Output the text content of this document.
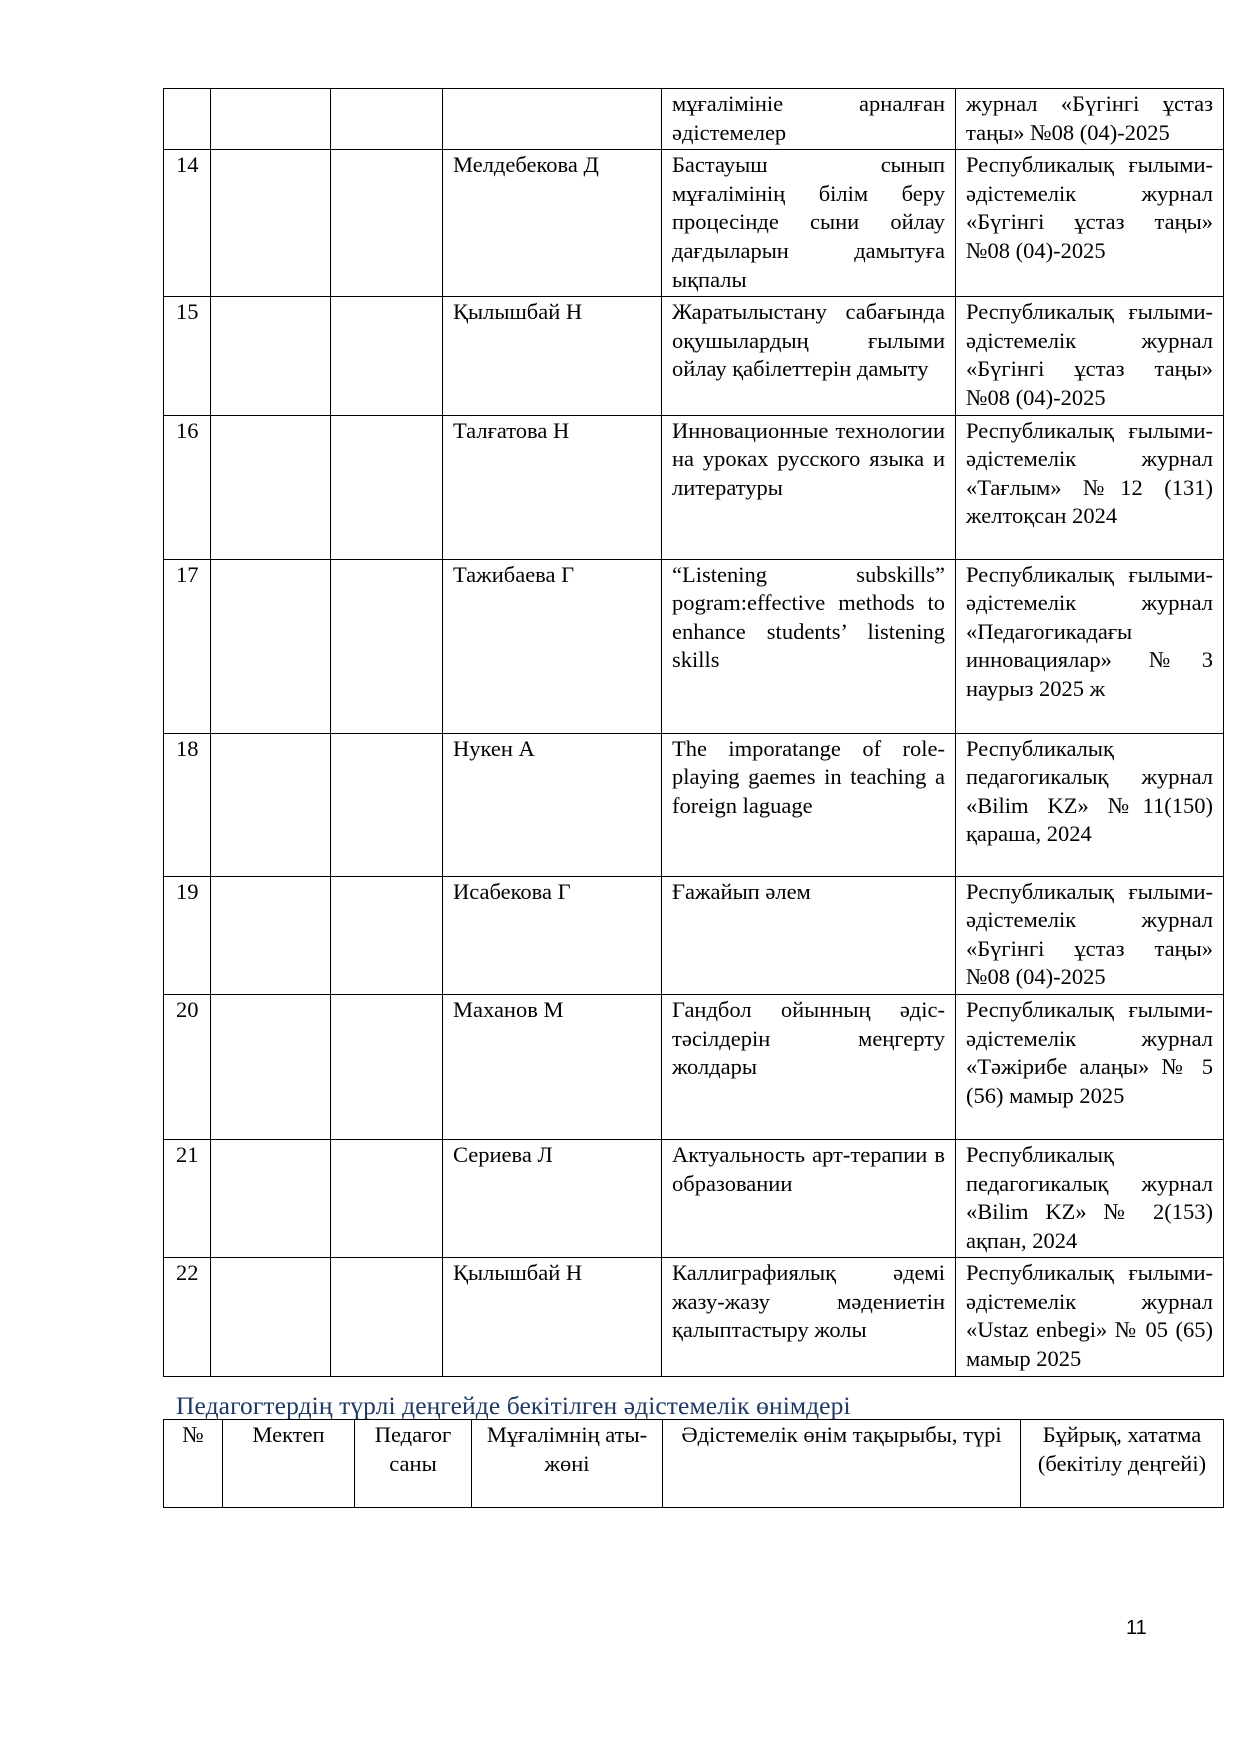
				мұғалімініе арналған әдістемелер	журнал «Бүгінгі ұстаз таңы» №08 (04)-2025
14			Мелдебекова Д	Бастауыш сынып мұғалімінің білім беру процесінде сыни ойлау дағдыларын дамытуға ықпалы	Республикалық ғылыми- әдістемелік журнал «Бүгінгі ұстаз таңы» №08 (04)-2025
15			Қылышбай Н	Жаратылыстану сабағында оқушылардың ғылыми ойлау қабілеттерін дамыту	Республикалық ғылыми- әдістемелік журнал «Бүгінгі ұстаз таңы» №08 (04)-2025
16			Талғатова Н	Инновационные технологии на уроках русского языка и литературы	Республикалық ғылыми-әдістемелік журнал «Тағлым» №12 (131) желтоқсан 2024
17			Тажибаева Г	“Listening subskills” pogram:effective methods to enhance students’ listening skills	Республикалық ғылыми-әдістемелік журнал «Педагогикадағы инновациялар» №3 наурыз 2025 ж
18			Нукен А	The imporatange of role-playing gaemes in teaching a foreign laguage	Республикалық педагогикалық журнал «Bilim KZ» №11(150) қараша, 2024
19			Исабекова Г	Ғажайып әлем	Республикалық ғылыми- әдістемелік журнал «Бүгінгі ұстаз таңы» №08 (04)-2025
20			Маханов М	Гандбол ойынның әдіс-тәсілдерін меңгерту жолдары	Республикалық ғылыми- әдістемелік журнал «Тәжірибе алаңы» № 5 (56) мамыр 2025
21			Сериева Л	Актуальность арт-терапии в образовании	Республикалық педагогикалық журнал «Bilim KZ» № 2(153) ақпан, 2024
22			Қылышбай Н	Каллиграфиялық әдемі жазу-жазу мәдениетін қалыптастыру жолы	Республикалық ғылыми- әдістемелік журнал «Ustaz enbegi» № 05 (65) мамыр 2025
Педагогтердің түрлі деңгейде бекітілген әдістемелік өнімдері
№	Мектеп	Педагог саны	Мұғалімнің аты-жөні	Әдістемелік өнім тақырыбы, түрі	Бұйрық, хататма (бекітілу деңгейі)
11
